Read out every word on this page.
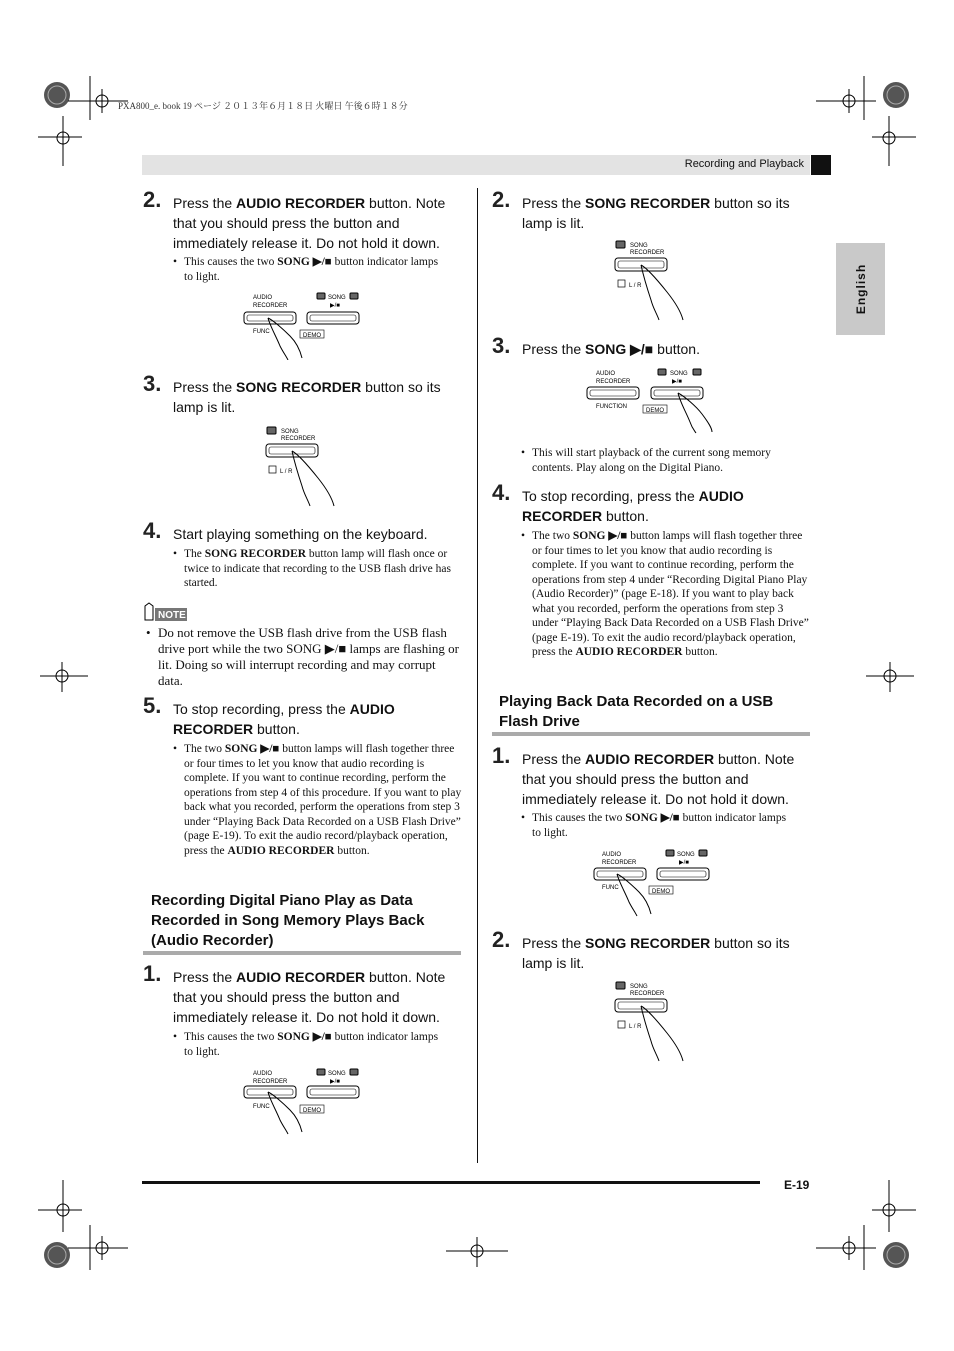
PXA800_e. book 19 ページ ２０１３年６月１８日 火曜日 午後６時１８分
Recording and Playback
English
2. Press the AUDIO RECORDER button. Note that you should press the button and immediately release it. Do not hold it down.
• This causes the two SONG ▶/■ button indicator lamps to light.
AUDIO
RECORDER
SONG
▶/■
FUNC
DEMO
3. Press the SONG RECORDER button so its lamp is lit.
SONG
RECORDER
L / R
4. Start playing something on the keyboard.
• The SONG RECORDER button lamp will flash once or twice to indicate that recording to the USB flash drive has started.
NOTE
• Do not remove the USB flash drive from the USB flash drive port while the two SONG ▶/■ lamps are flashing or lit. Doing so will interrupt recording and may corrupt data.
5. To stop recording, press the AUDIO RECORDER button.
• The two SONG ▶/■ button lamps will flash together three or four times to let you know that audio recording is complete. If you want to continue recording, perform the operations from step 4 of this procedure. If you want to play back what you recorded, perform the operations from step 3 under “Playing Back Data Recorded on a USB Flash Drive” (page E-19). To exit the audio record/playback operation, press the AUDIO RECORDER button.
Recording Digital Piano Play as Data Recorded in Song Memory Plays Back (Audio Recorder)
1. Press the AUDIO RECORDER button. Note that you should press the button and immediately release it. Do not hold it down.
• This causes the two SONG ▶/■ button indicator lamps to light.
AUDIO
RECORDER
SONG
▶/■
FUNC
DEMO
2. Press the SONG RECORDER button so its lamp is lit.
SONG
RECORDER
L / R
3. Press the SONG ▶/■ button.
AUDIO
RECORDER
SONG
▶/■
FUNCTION
DEMO
• This will start playback of the current song memory contents. Play along on the Digital Piano.
4. To stop recording, press the AUDIO RECORDER button.
• The two SONG ▶/■ button lamps will flash together three or four times to let you know that audio recording is complete. If you want to continue recording, perform the operations from step 4 under “Recording Digital Piano Play (Audio Recorder)” (page E-18). If you want to play back what you recorded, perform the operations from step 3 under “Playing Back Data Recorded on a USB Flash Drive” (page E-19). To exit the audio record/playback operation, press the AUDIO RECORDER button.
Playing Back Data Recorded on a USB Flash Drive
1. Press the AUDIO RECORDER button. Note that you should press the button and immediately release it. Do not hold it down.
• This causes the two SONG ▶/■ button indicator lamps to light.
AUDIO
RECORDER
SONG
▶/■
FUNC
DEMO
2. Press the SONG RECORDER button so its lamp is lit.
SONG
RECORDER
L / R
E-19
